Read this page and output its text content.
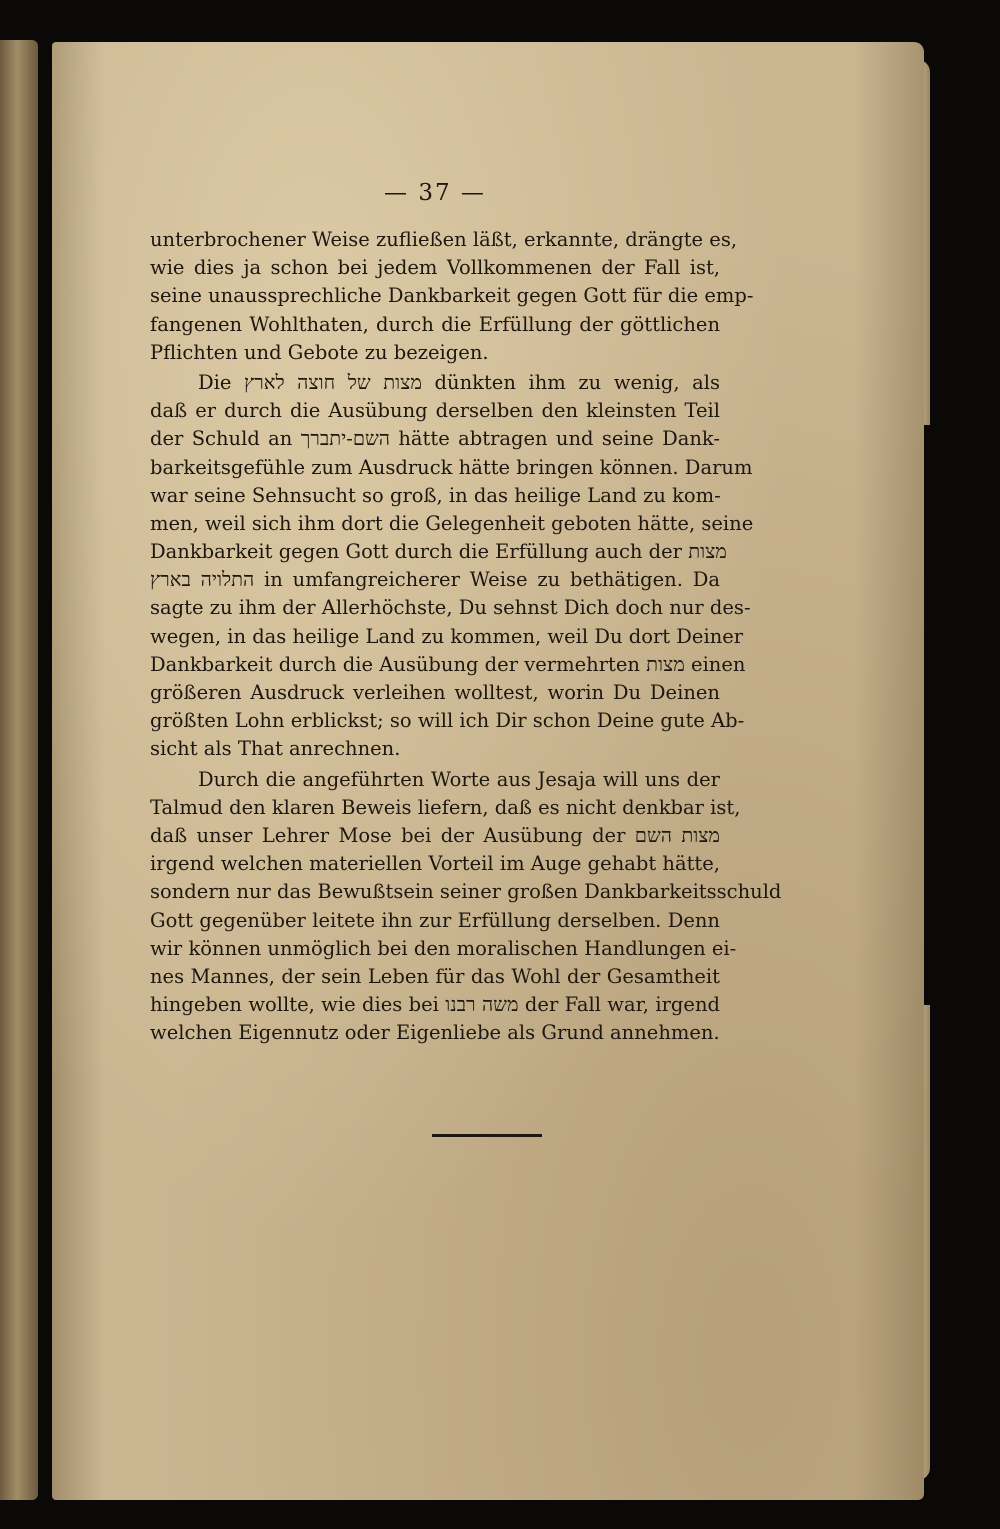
— 37 —
unterbrochener Weise zufließen läßt, erkannte, drängte es,
wie dies ja schon bei jedem Vollkommenen der Fall ist,
seine unaussprechliche Dankbarkeit gegen Gott für die emp-
fangenen Wohlthaten, durch die Erfüllung der göttlichen
Pflichten und Gebote zu bezeigen.
Die מצות של חוצה לארץ dünkten ihm zu wenig, als
daß er durch die Ausübung derselben den kleinsten Teil
der Schuld an השם-יתברך hätte abtragen und seine Dank-
barkeitsgefühle zum Ausdruck hätte bringen können. Darum
war seine Sehnsucht so groß, in das heilige Land zu kom-
men, weil sich ihm dort die Gelegenheit geboten hätte, seine
Dankbarkeit gegen Gott durch die Erfüllung auch der מצות
התלויה בארץ in umfangreicherer Weise zu bethätigen. Da
sagte zu ihm der Allerhöchste, Du sehnst Dich doch nur des-
wegen, in das heilige Land zu kommen, weil Du dort Deiner
Dankbarkeit durch die Ausübung der vermehrten מצות einen
größeren Ausdruck verleihen wolltest, worin Du Deinen
größten Lohn erblickst; so will ich Dir schon Deine gute Ab-
sicht als That anrechnen.
Durch die angeführten Worte aus Jesaja will uns der
Talmud den klaren Beweis liefern, daß es nicht denkbar ist,
daß unser Lehrer Mose bei der Ausübung der מצות השם
irgend welchen materiellen Vorteil im Auge gehabt hätte,
sondern nur das Bewußtsein seiner großen Dankbarkeitsschuld
Gott gegenüber leitete ihn zur Erfüllung derselben. Denn
wir können unmöglich bei den moralischen Handlungen ei-
nes Mannes, der sein Leben für das Wohl der Gesamtheit
hingeben wollte, wie dies bei משה רבנו der Fall war, irgend
welchen Eigennutz oder Eigenliebe als Grund annehmen.
